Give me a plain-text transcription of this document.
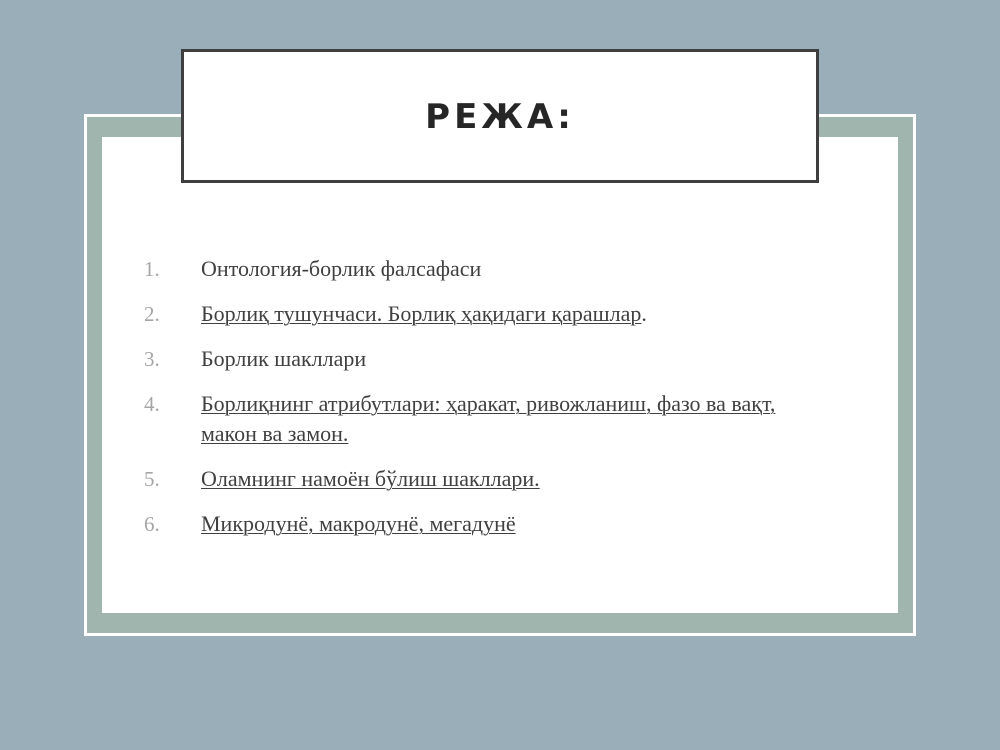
РЕЖА:
1.	Онтология-борлик фалсафаси
2.	Борлиқ тушунчаси. Борлиқ ҳақидаги қарашлар.
3.	Борлик шакллари
4.	Борлиқнинг атрибутлари: ҳаракат, ривожланиш, фазо ва вақт, макон ва замон.
5.	Оламнинг намоён бўлиш шакллари.
6.	Микродунё, макродунё, мегадунё
